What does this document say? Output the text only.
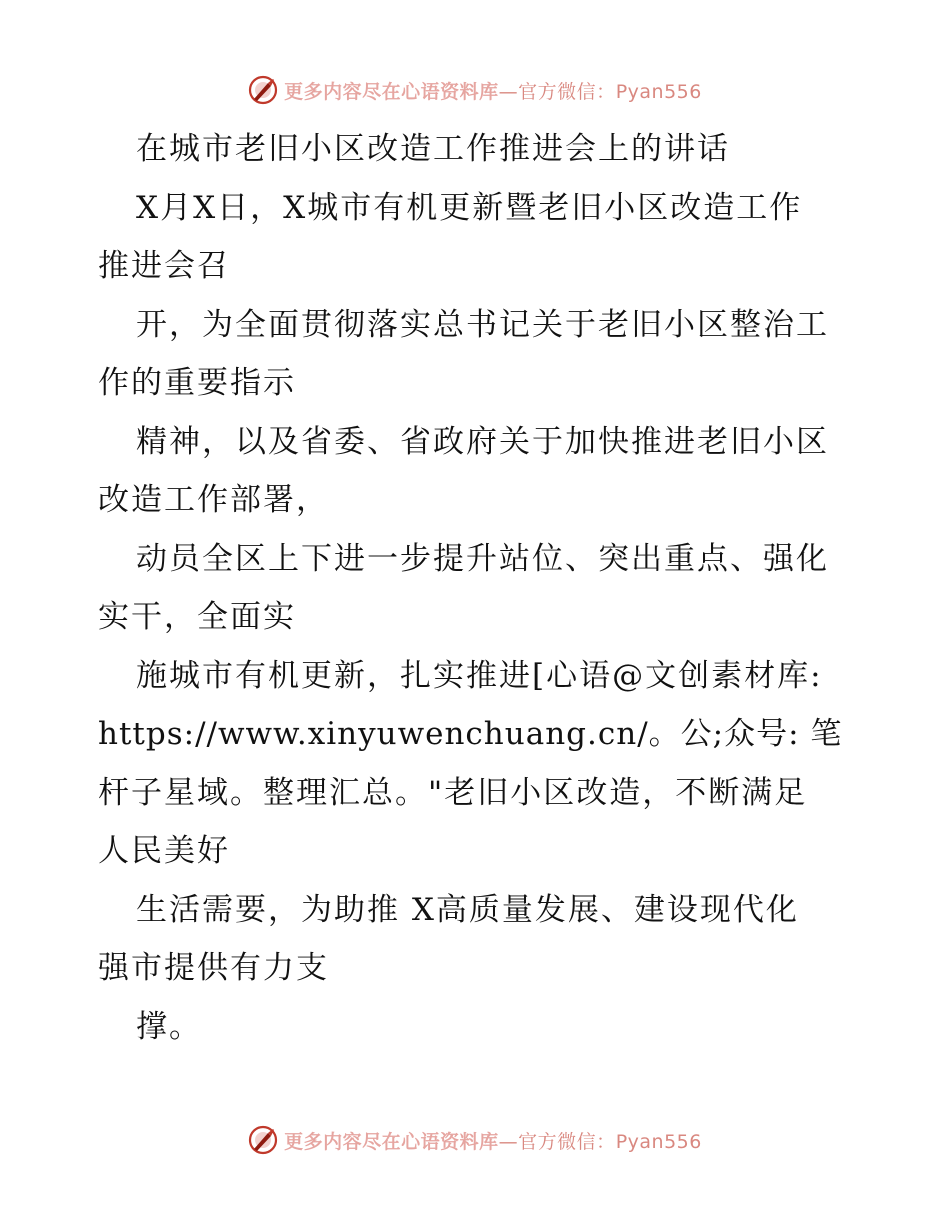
更多内容尽在心语资料库—官方微信：Pyan556
在城市老旧小区改造工作推进会上的讲话
X月X日，X城市有机更新暨老旧小区改造工作
推进会召
开，为全面贯彻落实总书记关于老旧小区整治工
作的重要指示
精神，以及省委、省政府关于加快推进老旧小区
改造工作部署，
动员全区上下进一步提升站位、突出重点、强化
实干，全面实
施城市有机更新，扎实推进[心语@文创素材库:
https://www.xinyuwenchuang.cn/。公;众号: 笔
杆子星域。整理汇总。"老旧小区改造，不断满足
人民美好
生活需要，为助推 X高质量发展、建设现代化
强市提供有力支
撑。
更多内容尽在心语资料库—官方微信：Pyan556
